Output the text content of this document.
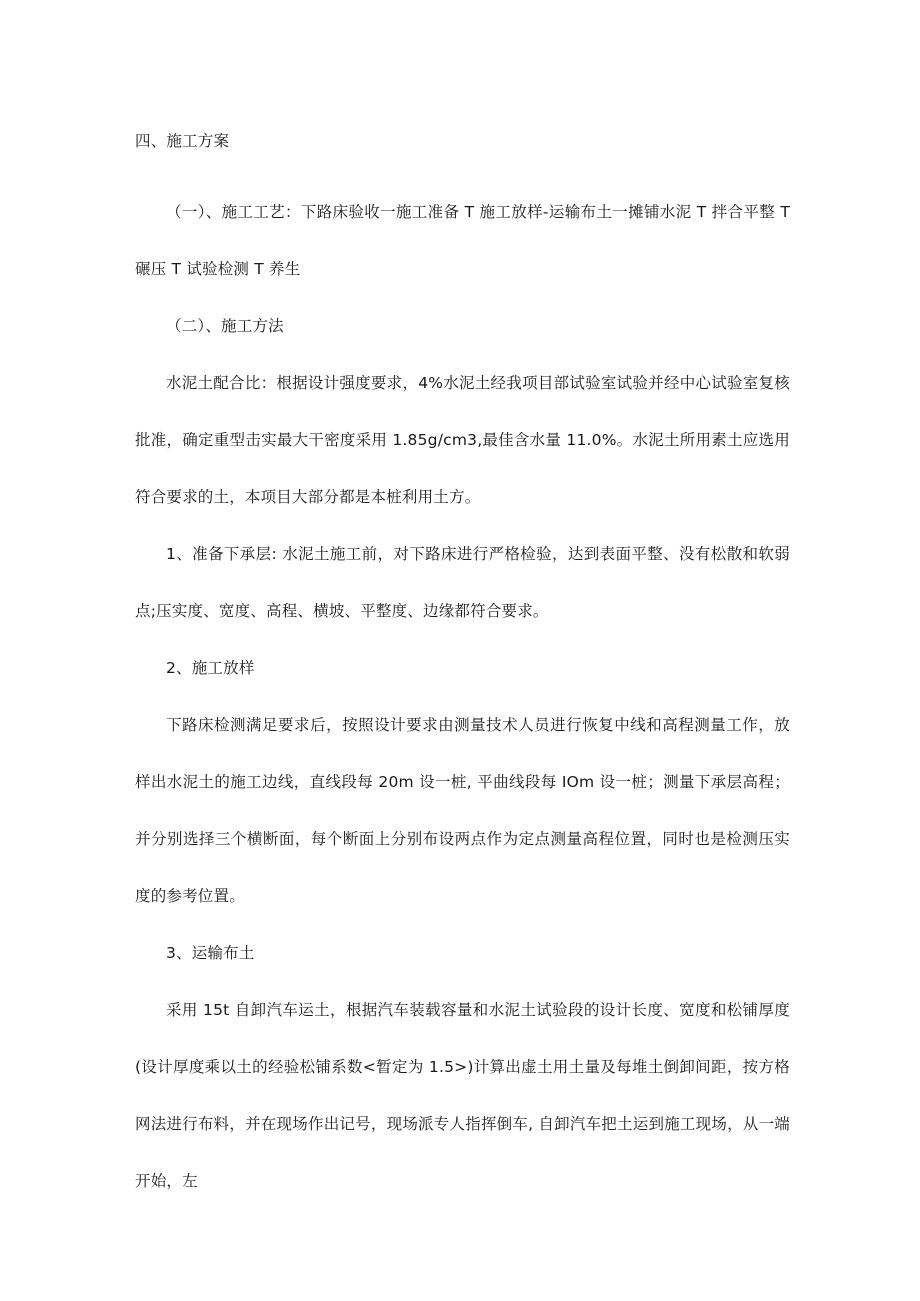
四、施工方案

（一）、施工工艺：下路床验收一施工准备 T 施工放样-运输布土一摊铺水泥 T 拌合平整 T 碾压 T 试验检测 T 养生

（二）、施工方法

水泥土配合比：根据设计强度要求，4%水泥土经我项目部试验室试验并经中心试验室复核批准，确定重型击实最大干密度采用 1.85g∕cm3,最佳含水量 11.0%。水泥土所用素土应选用符合要求的土，本项目大部分都是本桩利用土方。

1、准备下承层: 水泥土施工前，对下路床进行严格检验，达到表面平整、没有松散和软弱点;压实度、宽度、高程、横坡、平整度、边缘都符合要求。

2、施工放样

下路床检测满足要求后，按照设计要求由测量技术人员进行恢复中线和高程测量工作，放样出水泥土的施工边线，直线段每 20m 设一桩, 平曲线段每 IOm 设一桩；测量下承层高程；并分别选择三个横断面，每个断面上分别布设两点作为定点测量高程位置，同时也是检测压实度的参考位置。

3、运输布土

采用 15t 自卸汽车运土，根据汽车装载容量和水泥土试验段的设计长度、宽度和松铺厚度(设计厚度乘以土的经验松铺系数<暂定为 1.5>)计算出虚土用土量及每堆土倒卸间距，按方格网法进行布料，并在现场作出记号，现场派专人指挥倒车, 自卸汽车把土运到施工现场，从一端开始，左
